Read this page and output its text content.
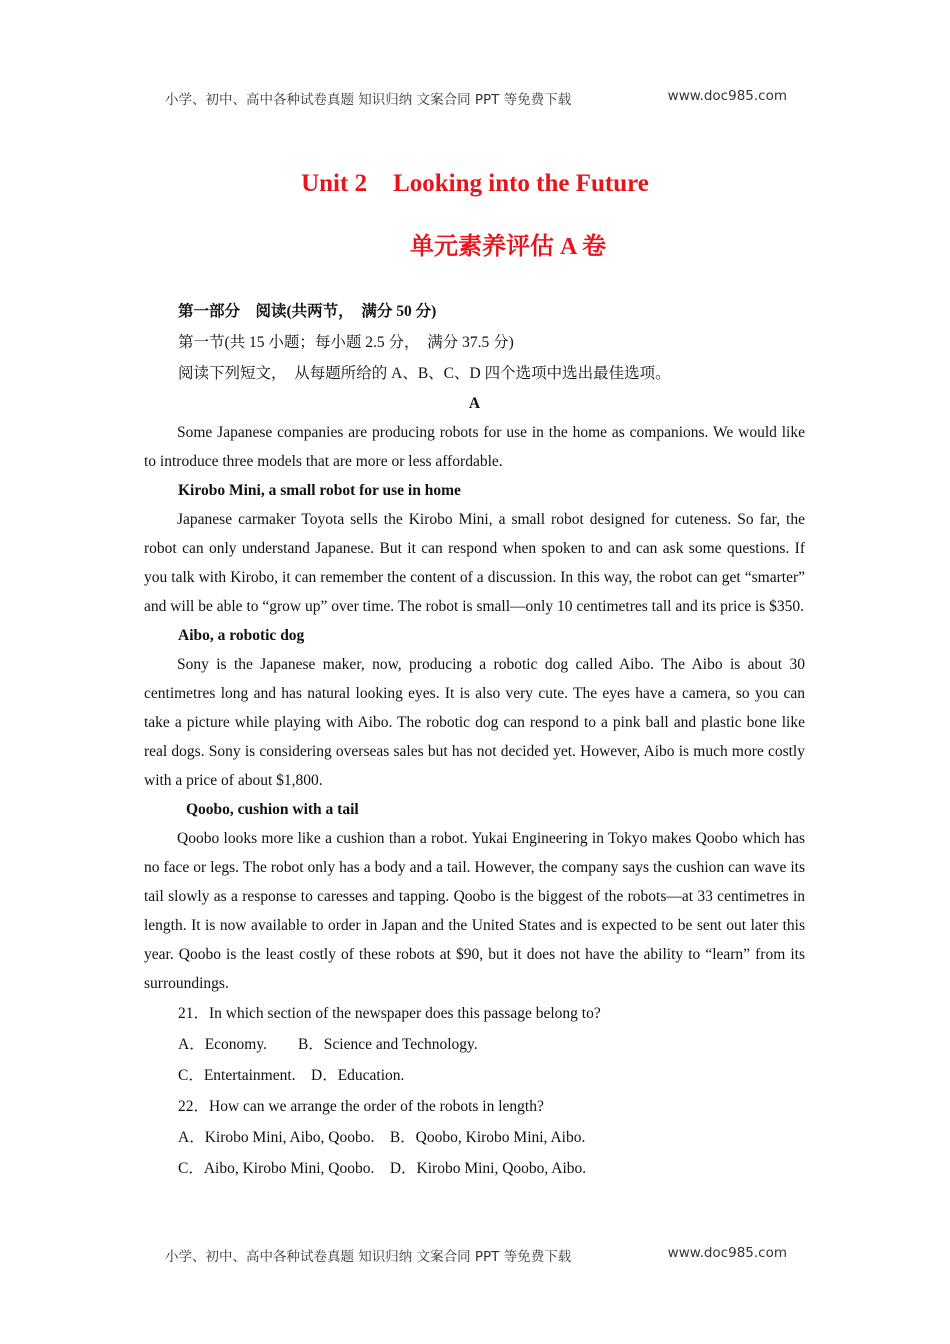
小学、初中、高中各种试卷真题 知识归纳 文案合同 PPT 等免费下载	www.doc985.com
Unit 2 Looking into the Future
单元素养评估 A 卷

第一部分　阅读(共两节，　满分 50 分)

第一节(共 15 小题；每小题 2.5 分，　满分 37.5 分)

阅读下列短文，　从每题所给的 A、B、C、D 四个选项中选出最佳选项。

A

Some Japanese companies are producing robots for use in the home as companions. We would like to introduce three models that are more or less affordable.

Kirobo Mini, a small robot for use in home

Japanese carmaker Toyota sells the Kirobo Mini, a small robot designed for cuteness. So far, the robot can only understand Japanese. But it can respond when spoken to and can ask some questions. If you talk with Kirobo, it can remember the content of a discussion. In this way, the robot can get “smarter” and will be able to “grow up” over time. The robot is small—only 10 centimetres tall and its price is $350.

Aibo, a robotic dog

Sony is the Japanese maker, now, producing a robotic dog called Aibo. The Aibo is about 30 centimetres long and has natural looking eyes. It is also very cute. The eyes have a camera, so you can take a picture while playing with Aibo. The robotic dog can respond to a pink ball and plastic bone like real dogs. Sony is considering overseas sales but has not decided yet. However, Aibo is much more costly with a price of about $1,800.

Qoobo, cushion with a tail

Qoobo looks more like a cushion than a robot. Yukai Engineering in Tokyo makes Qoobo which has no face or legs. The robot only has a body and a tail. However, the company says the cushion can wave its tail slowly as a response to caresses and tapping. Qoobo is the biggest of the robots—at 33 centimetres in length. It is now available to order in Japan and the United States and is expected to be sent out later this year. Qoobo is the least costly of these robots at $90, but it does not have the ability to “learn” from its surroundings.

21．In which section of the newspaper does this passage belong to?

A．Economy.　　B．Science and Technology.

C．Entertainment.　D．Education.

22．How can we arrange the order of the robots in length?

A．Kirobo Mini, Aibo, Qoobo.　B．Qoobo, Kirobo Mini, Aibo.

C．Aibo, Kirobo Mini, Qoobo.　D．Kirobo Mini, Qoobo, Aibo.

小学、初中、高中各种试卷真题 知识归纳 文案合同 PPT 等免费下载	www.doc985.com
